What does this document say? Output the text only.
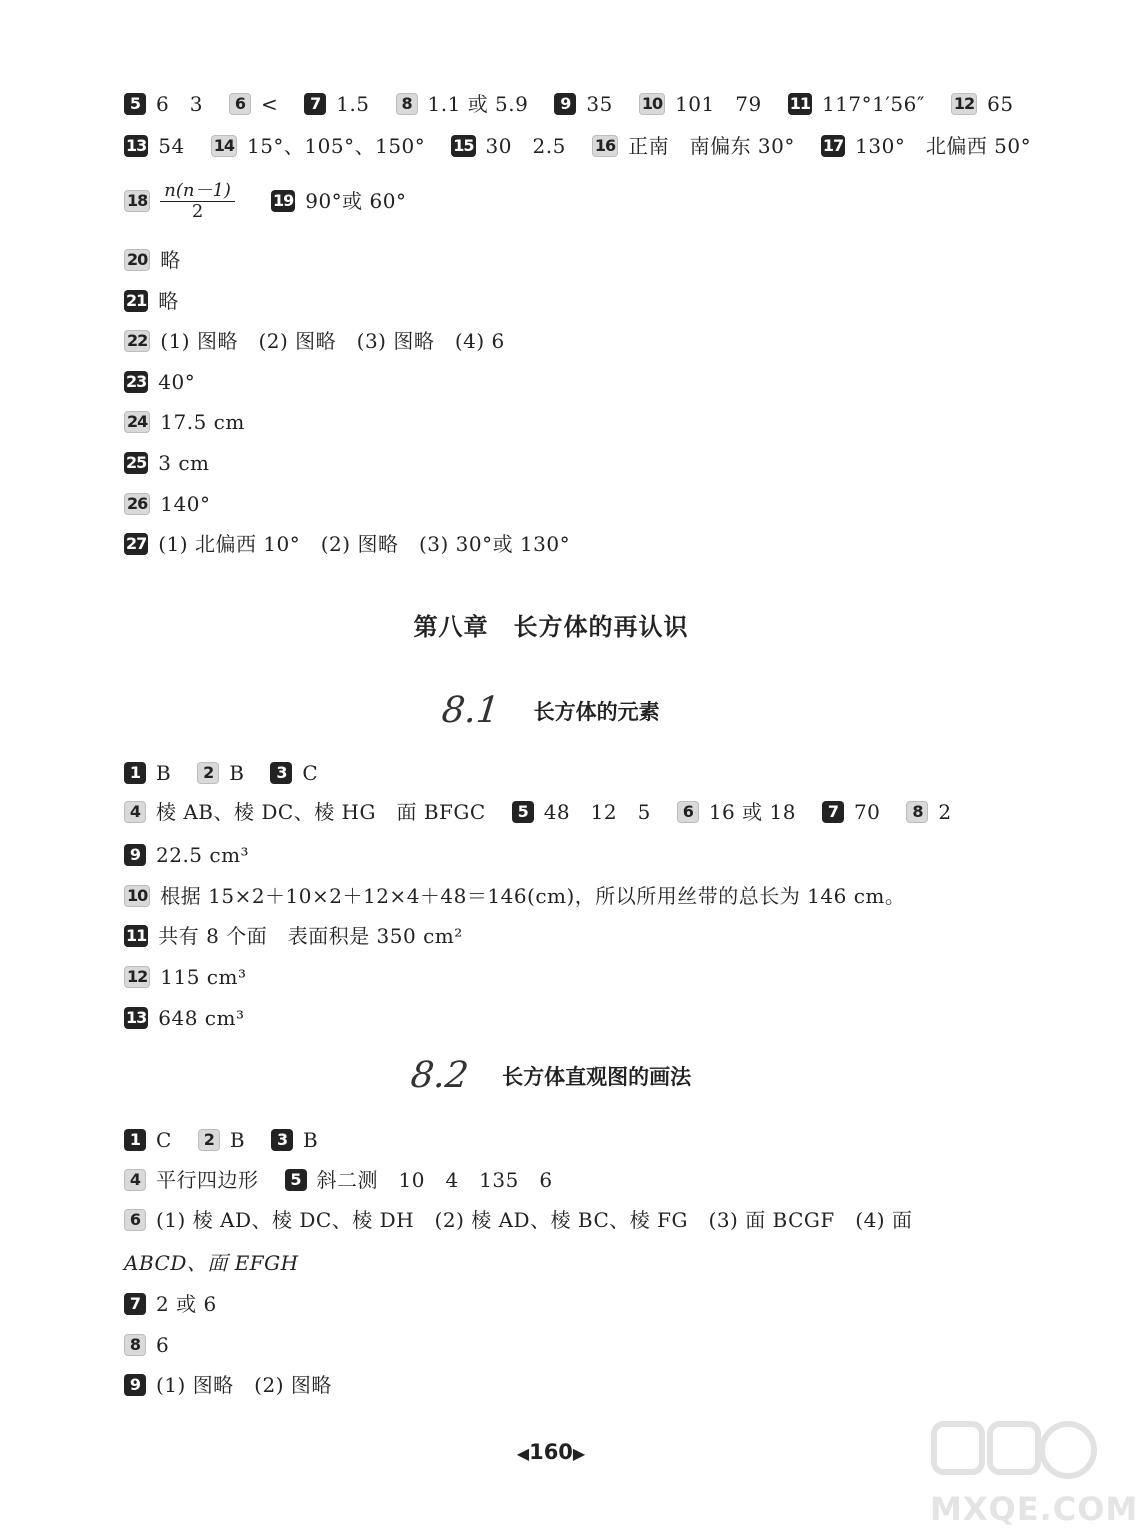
5 6　3	6 <	7 1.5	8 1.1 或 5.9	9 35 10 101　79 11 117°1′56″ 12 65
13 54 14 15°、105°、150° 15 30　2.5 16 正南　南偏东 30° 17 130°　北偏西 50°
$18 \frac{n(n-1)}{2} 19$ 90°或 60°
20 略
21 略
22 (1) 图略　(2) 图略　(3) 图略　(4) 6
23 40°
24 17.5 cm
25 3 cm
26 140°
27 (1) 北偏西 10°　(2) 图略　(3) 30°或 130°
第八章　长方体的再认识
8.1 长方体的元素
1 B	2 B	3 C
4 棱 AB、棱 DC、棱 HG　面 BFGC	5 48　12　5	6 16 或 18	7 70	8 2
9 22.5 cm³
10 根据 15×2＋10×2＋12×4＋48＝146(cm)，所以所用丝带的总长为 146 cm。
11 共有 8 个面　表面积是 350 cm²
12 115 cm³
13 648 cm³
8.2 长方体直观图的画法
1 C	2 B	3 B
4 平行四边形	5 斜二测　10　4　135　6
6 (1) 棱 AD、棱 DC、棱 DH　(2) 棱 AD、棱 BC、棱 FG　(3) 面 BCGF　(4) 面
ABCD、面 EFGH
7 2 或 6
8 6
9 (1) 图略　(2) 图略
◀160▶
MXQE.COM
